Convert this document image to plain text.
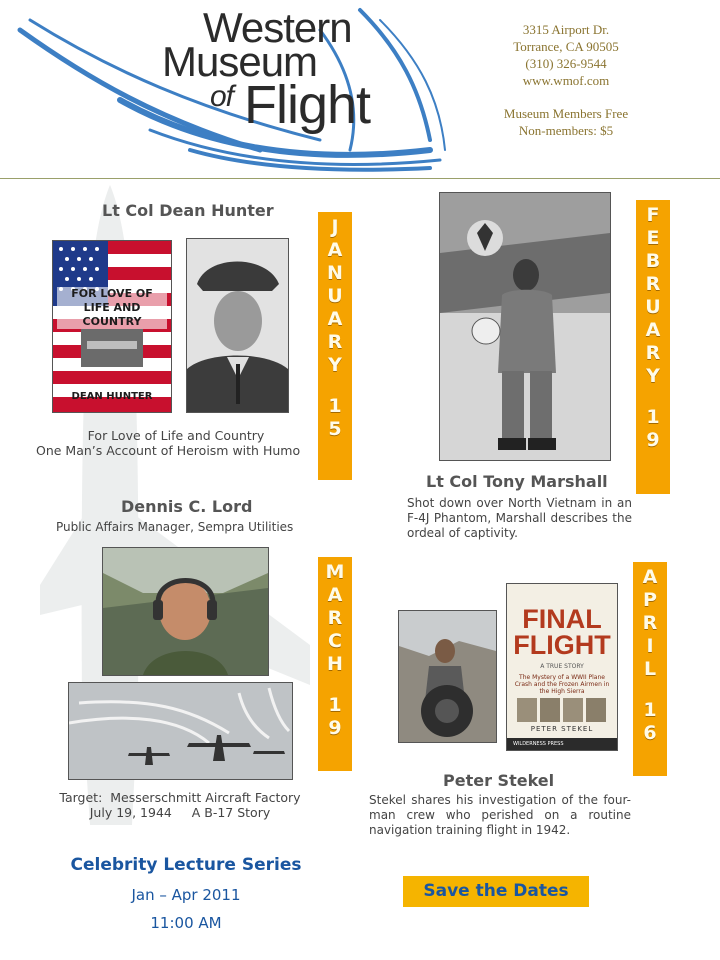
Western
Museum
of Flight
3315 Airport Dr.
Torrance, CA 90505
(310) 326-9544
www.wmof.com
Museum Members Free
Non-members: $5
Lt Col Dean Hunter
FOR LOVE OF LIFE AND COUNTRY
DEAN HUNTER
J
A
N
U
A
R
Y
1
5
For Love of Life and Country
One Man’s Account of Heroism with Humo
F
E
B
R
U
A
R
Y
1
9
Lt Col Tony Marshall
Shot down over North Vietnam in an F-4J Phantom, Marshall describes the ordeal of captivity.
Dennis C. Lord
Public Affairs Manager, Sempra Utilities
M
A
R
C
H
1
9
Target:  Messerschmitt Aircraft Factory
July 19, 1944     A B-17 Story
FINAL
FLIGHT
A TRUE STORY
The Mystery of a WWII Plane Crash and the Frozen Airmen in the High Sierra
PETER STEKEL
WILDERNESS PRESS
A
P
R
I
L
1
6
Peter Stekel
Stekel shares his investigation of the four-man crew who perished on a routine navigation training flight in 1942.
Celebrity Lecture Series
Jan – Apr 2011
11:00 AM
Save the Dates
